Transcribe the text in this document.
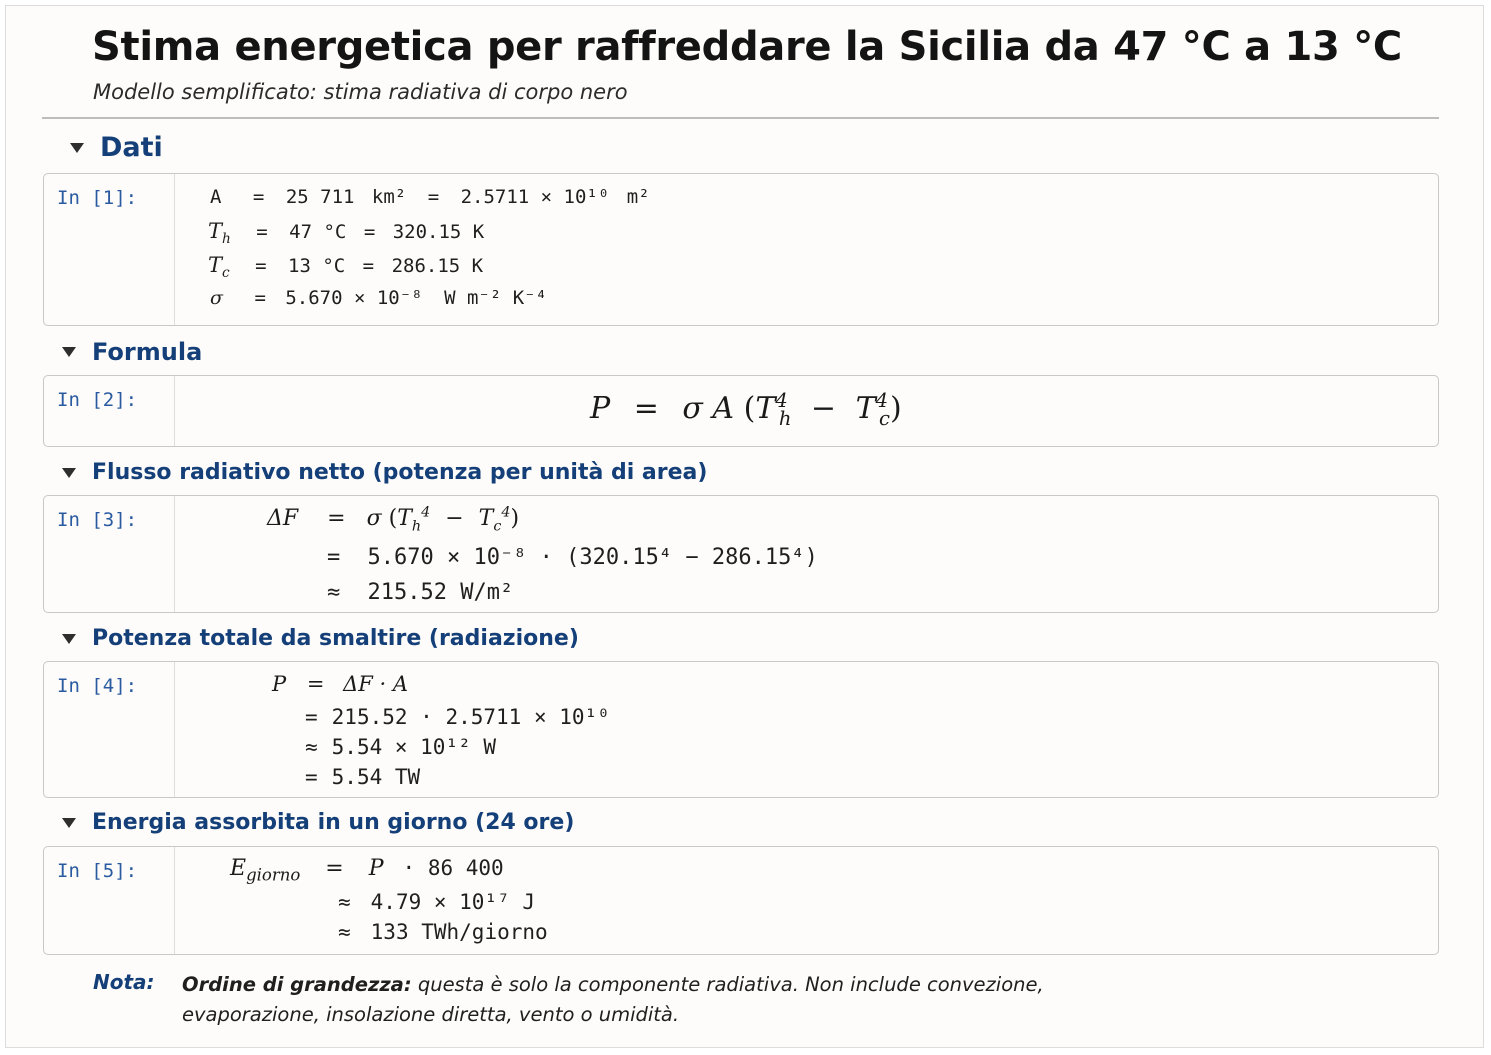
Stima energetica per raffreddare la Sicilia da 47 °C a 13 °C
Modello semplificato: stima radiativa di corpo nero
Dati
In [1]:	A = 25 711 km² = 2.5711 × 10¹⁰ m²
$T_h = 47$ °C = 320.15 K
$T_c = 13$ °C = 286.15 K
σ = 5.670 × 10⁻⁸ W m⁻² K⁻⁴
Formula
In [2]:	P = σ A $(T^4_h - T^4_c)$
Flusso radiativo netto (potenza per unità di area)
In [3]:	ΔF = σ $(T_h^4 - T_c^4)$
= 5.670 × 10⁻⁸ · (320.15⁴ − 286.15⁴)
≈ 215.52 W/m²
Potenza totale da smaltire (radiazione)
In [4]:	P = ΔF · A
= 215.52 · 2.5711 × 10¹⁰
≈ 5.54 × 10¹² W
= 5.54 TW
Energia assorbita in un giorno (24 ore)
In [5]:	$E_{giorno} = P \cdot 86$ 400
≈ 4.79 × 10¹⁷ J
≈ 133 TWh/giorno
Nota: Ordine di grandezza: questa è solo la componente radiativa. Non include convezione, evaporazione, insolazione diretta, vento o umidità.
